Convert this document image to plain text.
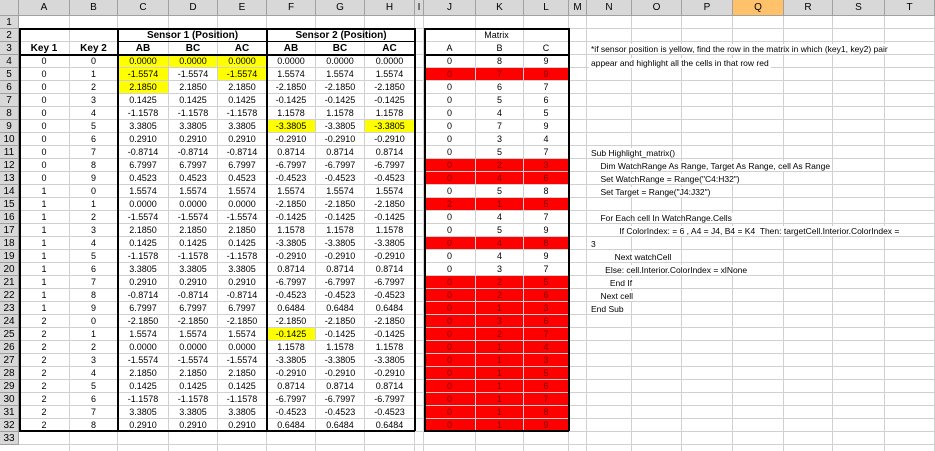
A	B	C	D	E	F	G	H	I	J	K	L	M	N	O	P	Q	R	S	T
1
2
3
4
5
6
7
8
9
10
11
12
13
14
15
16
17
18
19
20
21
22
23
24
25
26
27
28
29
30
31
32
33
Sensor 1 (Position)	Sensor 2 (Position)	Matrix
Key 1	Key 2	AB	BC	AC	AB	BC	AC	A	B	C
0	0	0.0000	0.0000	0.0000	0.0000	0.0000	0.0000	0	8	9
0	1	-1.5574	-1.5574	-1.5574	1.5574	1.5574	1.5574	0	7	9
0	2	2.1850	2.1850	2.1850	-2.1850	-2.1850	-2.1850	0	6	7
0	3	0.1425	0.1425	0.1425	-0.1425	-0.1425	-0.1425	0	5	6
0	4	-1.1578	-1.1578	-1.1578	1.1578	1.1578	1.1578	0	4	5
0	5	3.3805	3.3805	3.3805	-3.3805	-3.3805	-3.3805	0	7	9
0	6	0.2910	0.2910	0.2910	-0.2910	-0.2910	-0.2910	0	3	4
0	7	-0.8714	-0.8714	-0.8714	0.8714	0.8714	0.8714	0	5	7
0	8	6.7997	6.7997	6.7997	-6.7997	-6.7997	-6.7997	0	2	3
0	9	0.4523	0.4523	0.4523	-0.4523	-0.4523	-0.4523	0	4	6
1	0	1.5574	1.5574	1.5574	1.5574	1.5574	1.5574	0	5	8
1	1	0.0000	0.0000	0.0000	-2.1850	-2.1850	-2.1850	2	1	5
1	2	-1.5574	-1.5574	-1.5574	-0.1425	-0.1425	-0.1425	0	4	7
1	3	2.1850	2.1850	2.1850	1.1578	1.1578	1.1578	0	5	9
1	4	0.1425	0.1425	0.1425	-3.3805	-3.3805	-3.3805	0	4	8
1	5	-1.1578	-1.1578	-1.1578	-0.2910	-0.2910	-0.2910	0	4	9
1	6	3.3805	3.3805	3.3805	0.8714	0.8714	0.8714	0	3	7
1	7	0.2910	0.2910	0.2910	-6.7997	-6.7997	-6.7997	0	2	5
1	8	-0.8714	-0.8714	-0.8714	-0.4523	-0.4523	-0.4523	0	2	6
1	9	6.7997	6.7997	6.7997	0.6484	0.6484	0.6484	0	1	3
2	0	-2.1850	-2.1850	-2.1850	-2.1850	-2.1850	-2.1850	0	3	6
2	1	1.5574	1.5574	1.5574	-0.1425	-0.1425	-0.1425	0	2	7
2	2	0.0000	0.0000	0.0000	1.1578	1.1578	1.1578	0	1	4
2	3	-1.5574	-1.5574	-1.5574	-3.3805	-3.3805	-3.3805	0	1	3
2	4	2.1850	2.1850	2.1850	-0.2910	-0.2910	-0.2910	0	1	5
2	5	0.1425	0.1425	0.1425	0.8714	0.8714	0.8714	0	1	6
2	6	-1.1578	-1.1578	-1.1578	-6.7997	-6.7997	-6.7997	0	1	7
2	7	3.3805	3.3805	3.3805	-0.4523	-0.4523	-0.4523	0	1	8
2	8	0.2910	0.2910	0.2910	0.6484	0.6484	0.6484	0	1	9
*if sensor position is yellow, find the row in the matrix in which (key1, key2) pair
appear and highlight all the cells in that row red
Sub Highlight_matrix()
Dim WatchRange As Range, Target As Range, cell As Range
Set WatchRange = Range("C4:H32")
Set Target = Range("J4:J32")
For Each cell In WatchRange.Cells
If ColorIndex: = 6 , A4 = J4, B4 = K4  Then: targetCell.Interior.ColorIndex =
3
Next watchCell
Else: cell.Interior.ColorIndex = xlNone
End If
Next cell
End Sub
